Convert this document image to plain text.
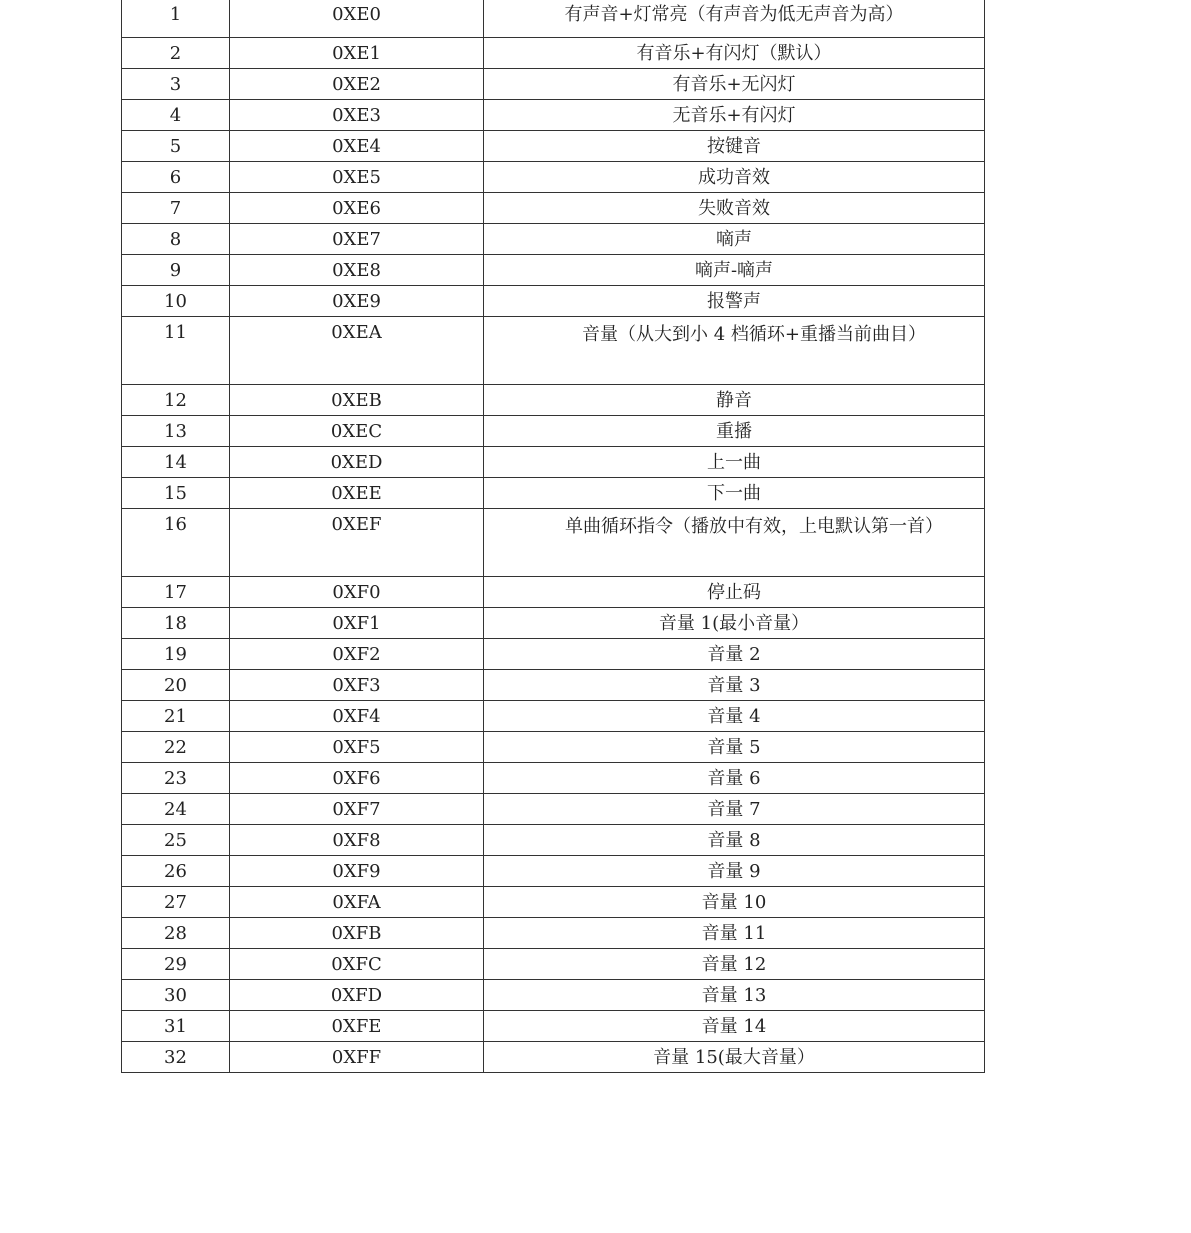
1	0XE0	有声音+灯常亮（有声音为低无声音为高）
2	0XE1	有音乐+有闪灯（默认）
3	0XE2	有音乐+无闪灯
4	0XE3	无音乐+有闪灯
5	0XE4	按键音
6	0XE5	成功音效
7	0XE6	失败音效
8	0XE7	嘀声
9	0XE8	嘀声-嘀声
10	0XE9	报警声
11	0XEA	音量（从大到小 4 档循环+重播当前曲目）
12	0XEB	静音
13	0XEC	重播
14	0XED	上一曲
15	0XEE	下一曲
16	0XEF	单曲循环指令（播放中有效，上电默认第一首）
17	0XF0	停止码
18	0XF1	音量 1(最小音量）
19	0XF2	音量 2
20	0XF3	音量 3
21	0XF4	音量 4
22	0XF5	音量 5
23	0XF6	音量 6
24	0XF7	音量 7
25	0XF8	音量 8
26	0XF9	音量 9
27	0XFA	音量 10
28	0XFB	音量 11
29	0XFC	音量 12
30	0XFD	音量 13
31	0XFE	音量 14
32	0XFF	音量 15(最大音量）
